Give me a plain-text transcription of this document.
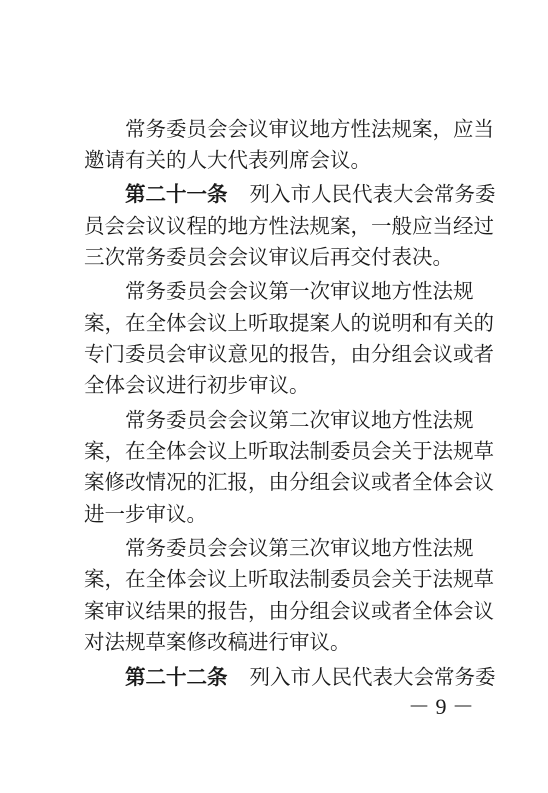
常务委员会会议审议地方性法规案，应当
邀请有关的人大代表列席会议。
第二十一条 列入市人民代表大会常务委
员会会议议程的地方性法规案，一般应当经过
三次常务委员会会议审议后再交付表决。
常务委员会会议第一次审议地方性法规
案，在全体会议上听取提案人的说明和有关的
专门委员会审议意见的报告，由分组会议或者
全体会议进行初步审议。
常务委员会会议第二次审议地方性法规
案，在全体会议上听取法制委员会关于法规草
案修改情况的汇报，由分组会议或者全体会议
进一步审议。
常务委员会会议第三次审议地方性法规
案，在全体会议上听取法制委员会关于法规草
案审议结果的报告，由分组会议或者全体会议
对法规草案修改稿进行审议。
第二十二条 列入市人民代表大会常务委
－ 9 －
